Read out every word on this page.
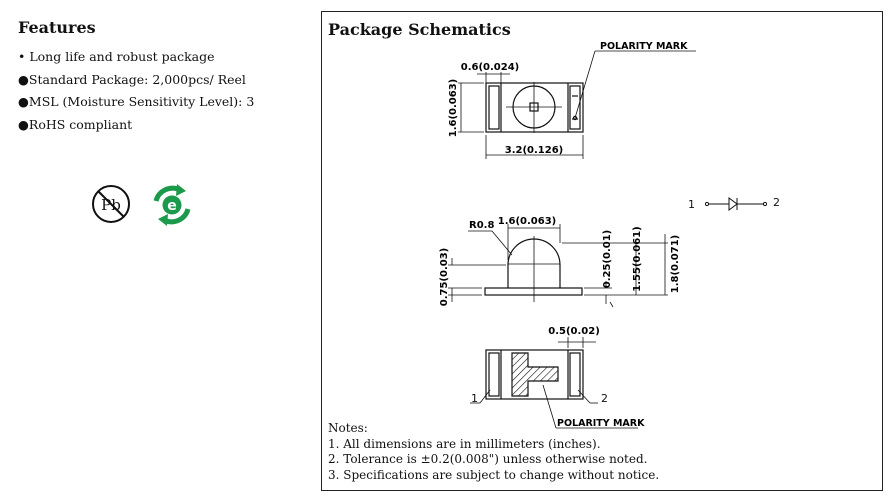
Features
• Long life and robust package
●Standard Package: 2,000pcs/ Reel
●MSL (Moisture Sensitivity Level): 3
●RoHS compliant
Pb	e
Package Schematics
POLARITY MARK
3.2(0.126)
0.6(0.024)
1.6(0.063)
1.6(0.063)
R0.8
0.75(0.03)	0.25(0.01) 1.55(0.061)	1.8(0.071)
1	2
0.5(0.02)
1	2
POLARITY MARK
Notes:
1. All dimensions are in millimeters (inches).
2. Tolerance is ±0.2(0.008") unless otherwise noted.
3. Specifications are subject to change without notice.
